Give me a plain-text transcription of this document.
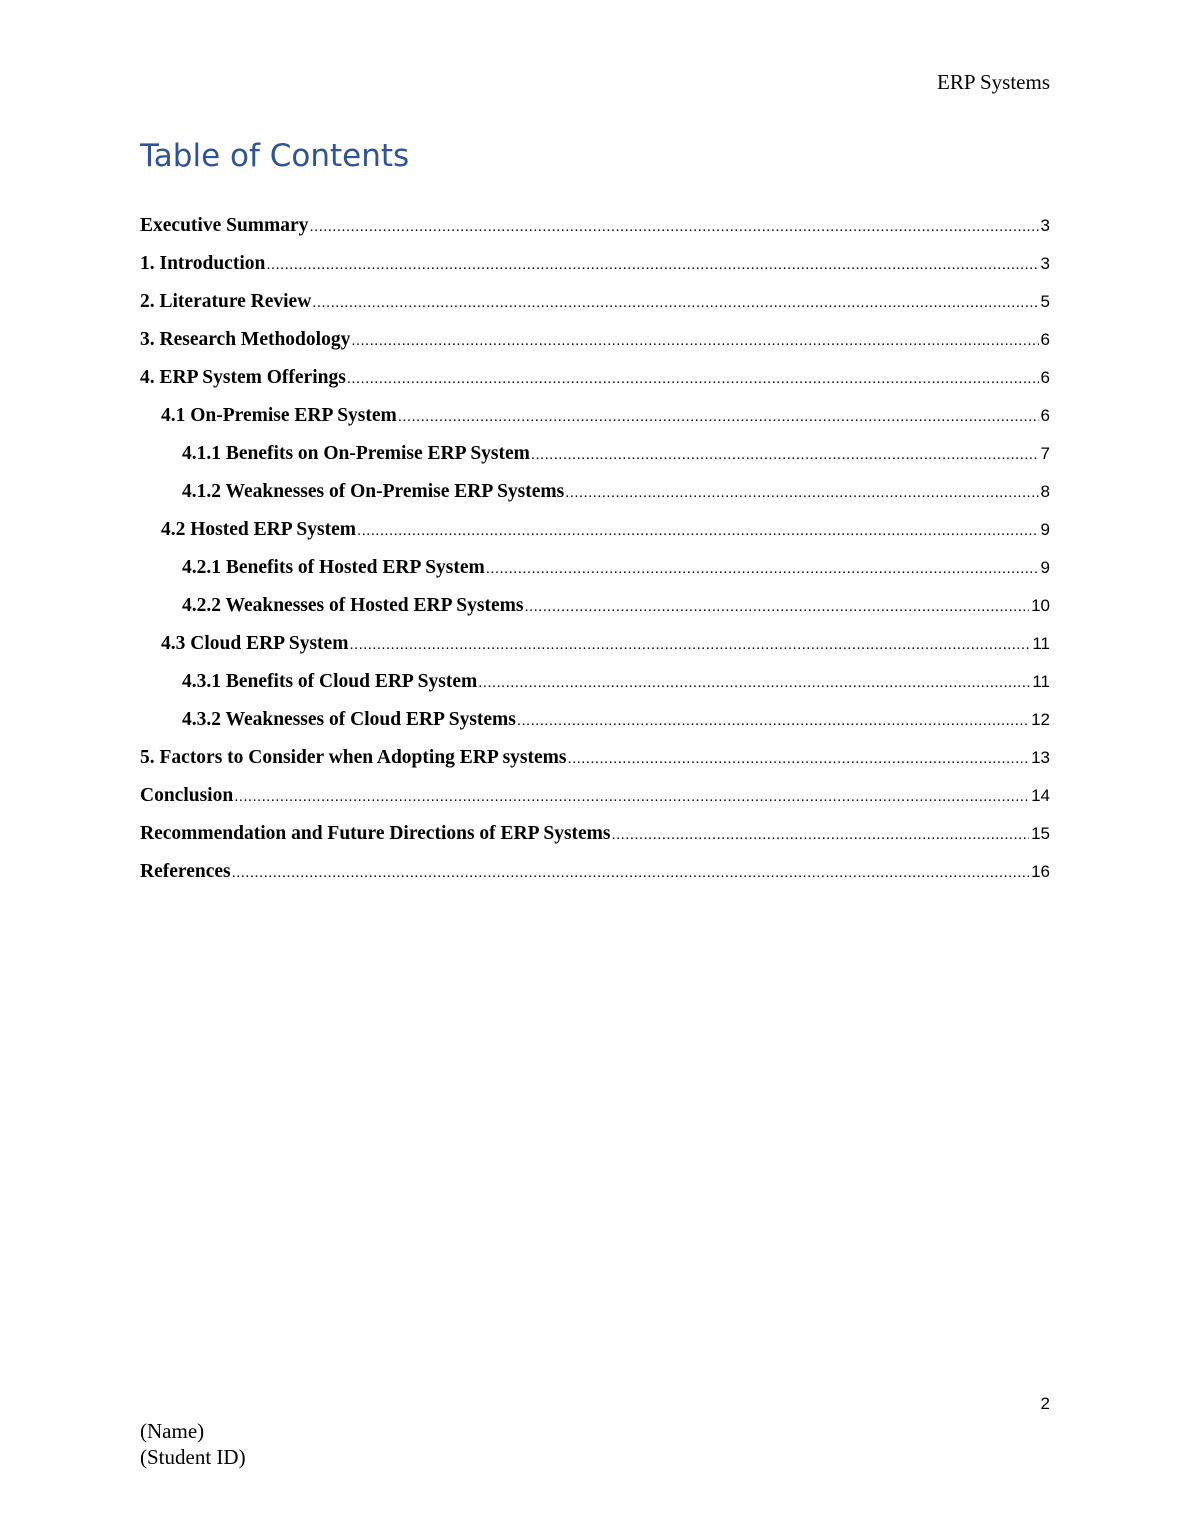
ERP Systems
Table of Contents
Executive Summary .....	3
1. Introduction .....	3
2. Literature Review .....	5
3. Research Methodology .....	6
4. ERP System Offerings .....	6
4.1 On-Premise ERP System .....	6
4.1.1 Benefits on On-Premise ERP System .....	7
4.1.2 Weaknesses of On-Premise ERP Systems .....	8
4.2 Hosted ERP System .....	9
4.2.1 Benefits of Hosted ERP System .....	9
4.2.2 Weaknesses of Hosted ERP Systems .....	10
4.3 Cloud ERP System .....	11
4.3.1 Benefits of Cloud ERP System .....	11
4.3.2 Weaknesses of Cloud ERP Systems .....	12
5. Factors to Consider when Adopting ERP systems .....	13
Conclusion .....	14
Recommendation and Future Directions of ERP Systems .....	15
References .....	16
2
(Name)
(Student ID)
